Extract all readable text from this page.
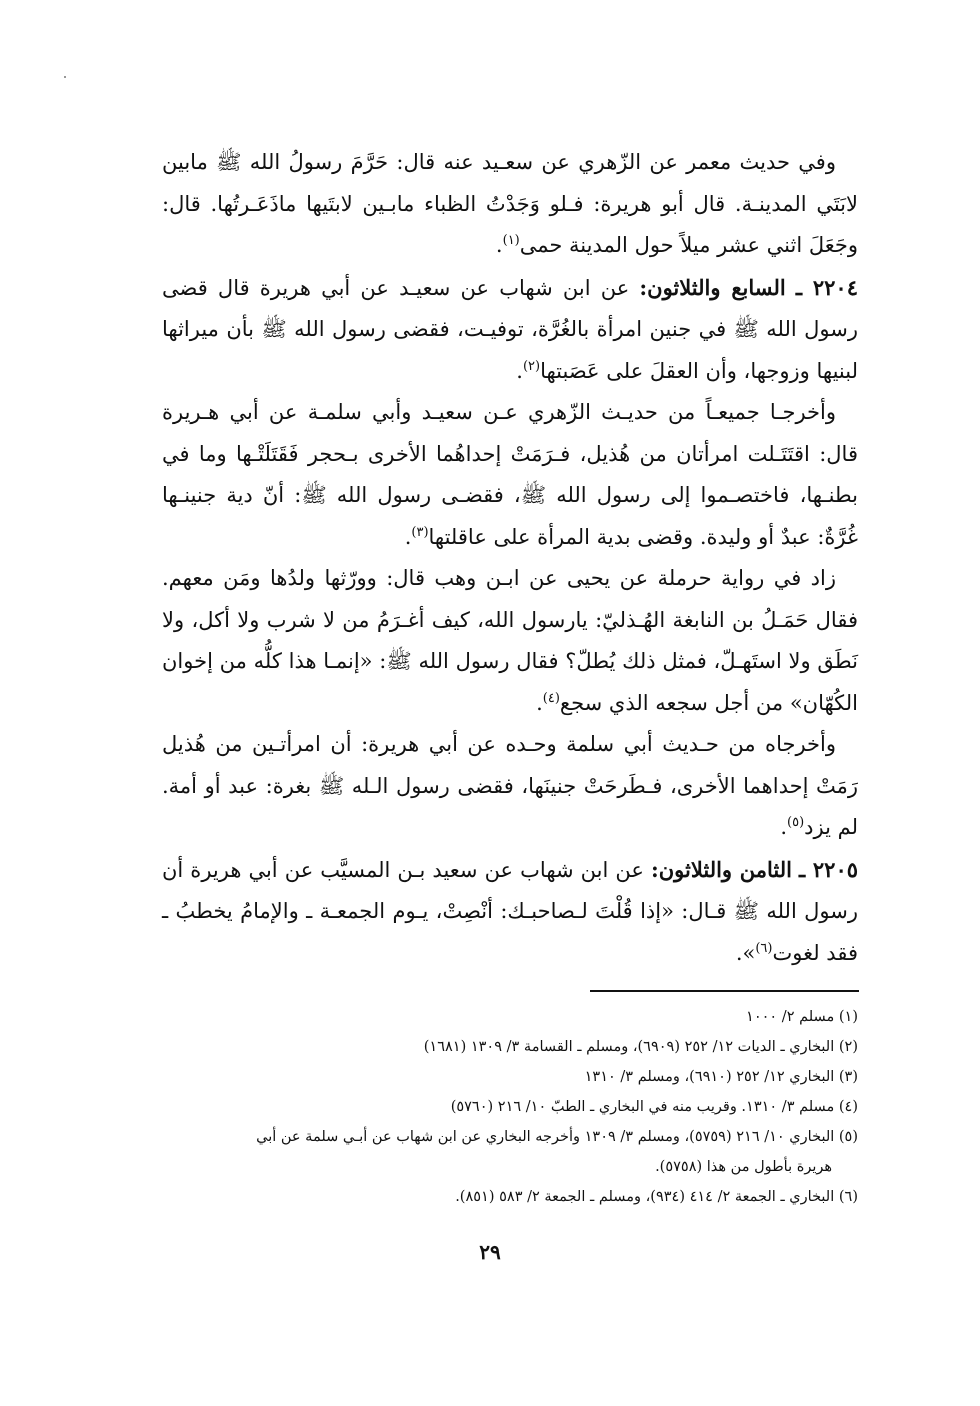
وفي حديث معمر عن الزّهري عن سعـيد عنه قال: حَرَّمَ رسولُ الله ﷺ مابين لابَتَي المدينـة. قال أبو هريرة: فـلو وَجَدْتُ الظباء مابـين لابتَيها ماذَعَـرتُها. قال: وجَعَلَ اثني عشر ميلاً حول المدينة حمى$^{(١)}$.

٢٢٠٤ ـ السابع والثلاثون: عن ابن شهاب عن سعيـد عن أبي هريرة قال قضى رسول الله ﷺ في جنين امرأة بالغُرَّة، توفيـت، فقضى رسول الله ﷺ بأن ميراثها لبنيها وزوجها، وأن العقلَ على عَصَبتها$^{(٢)}$.

وأخرجـا جميعـاً من حديـث الزّهري عـن سعيـد وأبي سلمـة عن أبي هـريرة قال: اقتَتَـلت امرأتان من هُذيل، فـرَمَتْ إحداهُما الأخرى بـحجر فَقَتَلَتْـها وما في بطنـها، فاختصـموا إلى رسول الله ﷺ، فقضـى رسول الله ﷺ: أنّ دية جنينـها غُرَّةٌ: عبدٌ أو وليدة. وقضى بدية المرأة على عاقلتها$^{(٣)}$.

زاد في رواية حرملة عن يحيى عن ابـن وهب قال: وورّثها ولدُها ومَن معهم. فقال حَمَـلُ بن النابغة الهُـذليّ: يارسول الله، كيف أغـرَمُ من لا شرب ولا أكل، ولا نَطَق ولا استَهـلّ، فمثل ذلك يُطلّ؟ فقال رسول الله ﷺ: «إنمـا هذا كلُّه من إخوان الكُهّان» من أجل سجعه الذي سجع$^{(٤)}$.

وأخرجاه من حـديث أبي سلمة وحـده عن أبي هريرة: أن امرأتـين من هُذيل رَمَتْ إحداهما الأخرى، فـطَرحَتْ جنينَها، فقضى رسول الـله ﷺ بغرة: عبد أو أمة. لم يزد$^{(٥)}$.

٢٢٠٥ ـ الثامن والثلاثون: عن ابن شهاب عن سعيد بـن المسيَّب عن أبي هريرة أن رسول الله ﷺ قـال: «إذا قُلْتَ لـصاحبـك: أنْصِتْ، يـوم الجمعـة ـ والإمامُ يخطبُ ـ فقد لغوت$^{(٦)}$».

(١) مسلم ٢/ ١٠٠٠

(٢) البخاري ـ الديات ١٢/ ٢٥٢ (٦٩٠٩)، ومسلم ـ القسامة ٣/ ١٣٠٩ (١٦٨١)

(٣) البخاري ١٢/ ٢٥٢ (٦٩١٠)، ومسلم ٣/ ١٣١٠

(٤) مسلم ٣/ ١٣١٠. وقريب منه في البخاري ـ الطبّ ١٠/ ٢١٦ (٥٧٦٠)

(٥) البخاري ١٠/ ٢١٦ (٥٧٥٩)، ومسلم ٣/ ١٣٠٩ وأخرجه البخاري عن ابن شهاب عن أبـي سلمة عن أبي

هريرة بأطول من هذا (٥٧٥٨).

(٦) البخاري ـ الجمعة ٢/ ٤١٤ (٩٣٤)، ومسلم ـ الجمعة ٢/ ٥٨٣ (٨٥١).

٢٩
